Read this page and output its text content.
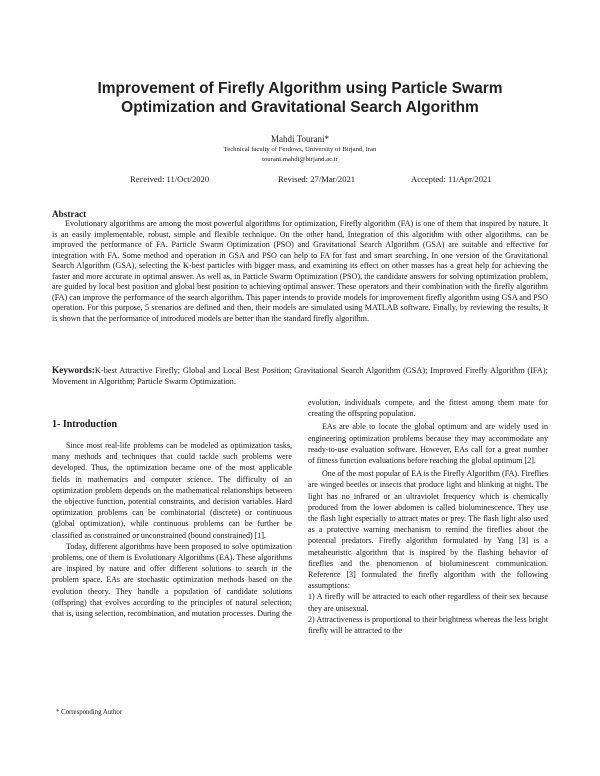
Improvement of Firefly Algorithm using Particle Swarm
Optimization and Gravitational Search Algorithm
Mahdi Tourani*
Technical faculty of Ferdows, University of Birjand, Iran
tourani.mahdi@birjand.ac.ir
Received: 11/Oct/2020	Revised: 27/Mar/2021	Accepted: 11/Apr/2021
Abstract

Evolutionary algorithms are among the most powerful algorithms for optimization, Firefly algorithm (FA) is one of them that inspired by nature. It is an easily implementable, robust, simple and flexible technique. On the other hand, Integration of this algorithm with other algorithms, can be improved the performance of FA. Particle Swarm Optimization (PSO) and Gravitational Search Algorithm (GSA) are suitable and effective for integration with FA. Some method and operation in GSA and PSO can help to FA for fast and smart searching. In one version of the Gravitational Search Algorithm (GSA), selecting the K-best particles with bigger mass, and examining its effect on other masses has a great help for achieving the faster and more accurate in optimal answer. As well as, in Particle Swarm Optimization (PSO), the candidate answers for solving optimization problem, are guided by local best position and global best position to achieving optimal answer. These operators and their combination with the firefly algorithm (FA) can improve the performance of the search algorithm. This paper intends to provide models for improvement firefly algorithm using GSA and PSO operation. For this purpose, 5 scenarios are defined and then, their models are simulated using MATLAB software. Finally, by reviewing the results, It is shown that the performance of introduced models are better than the standard firefly algorithm.

Keywords:K-best Attractive Firefly; Global and Local Best Position; Gravitational Search Algorithm (GSA); Improved Firefly Algorithm (IFA); Movement in Algorithm; Particle Swarm Optimization.
1- Introduction

Since most real-life problems can be modeled as optimization tasks, many methods and techniques that could tackle such problems were developed. Thus, the optimization became one of the most applicable fields in mathematics and computer science. The difficulty of an optimization problem depends on the mathematical relationships between the objective function, potential constraints, and decision variables. Hard optimization problems can be combinatorial (discrete) or continuous (global optimization), while continuous problems can be further be classified as constrained or unconstrained (bound constrained) [1].

Today, different algorithms have been proposed to solve optimization problems, one of them is Evolutionary Algorithms (EA). These algorithms are inspired by nature and offer different solutions to search in the problem space. EAs are stochastic optimization methods based on the evolution theory. They handle a population of candidate solutions (offspring) that evolves according to the principles of natural selection; that is, using selection, recombination, and mutation processes. During the

evolution, individuals compete, and the fittest among them mate for creating the offspring population.

EAs are able to locate the global optimum and are widely used in engineering optimization problems because they may accommodate any ready-to-use evaluation software. However, EAs call for a great number of fitness function evaluations before reaching the global optimum [2].

One of the most popular of EA is the Firefly Algorithm (FA). Fireflies are winged beetles or insects that produce light and blinking at night. The light has no infrared or an ultraviolet frequency which is chemically produced from the lower abdomen is called bioluminescence. They use the flash light especially to attract mates or prey. The flash light also used as a protective warning mechanism to remind the fireflies about the potential predators. Firefly algorithm formulated by Yang [3] is a metaheuristic algorithm that is inspired by the flashing behavior of fireflies and the phenomenon of bioluminescent communication. Reference [3] formulated the firefly algorithm with the following assumptions:

1) A firefly will be attracted to each other regardless of their sex because they are unisexual.

2) Attractiveness is proportional to their brightness whereas the less bright firefly will be attracted to the

* Corresponding Author
